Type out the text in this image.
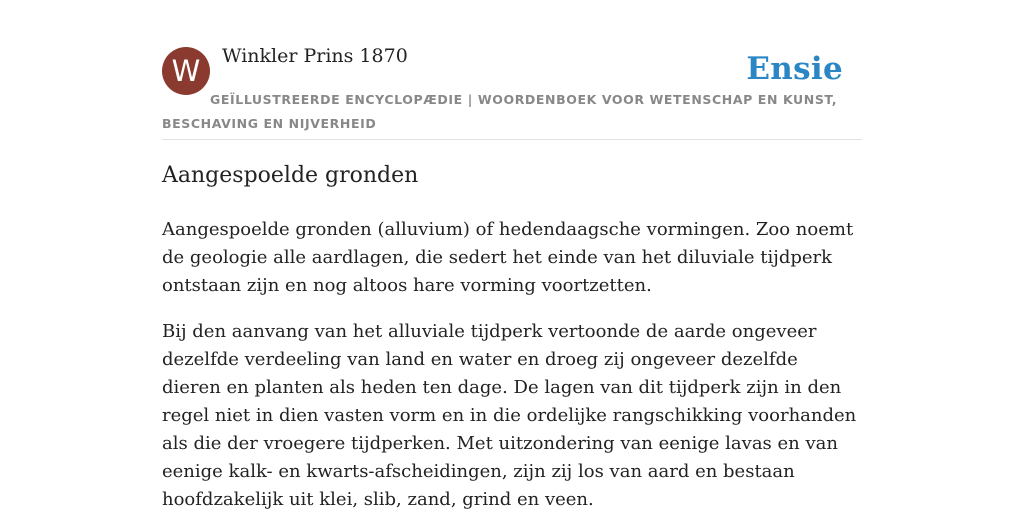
W	Winkler Prins 1870	Ensie
GEÏLLUSTREERDE ENCYCLOPÆDIE | WOORDENBOEK VOOR WETENSCHAP EN KUNST, BESCHAVING EN NIJVERHEID
Aangespoelde gronden

Aangespoelde gronden (alluvium) of hedendaagsche vormingen. Zoo noemt de geologie alle aardlagen, die sedert het einde van het diluviale tijdperk ontstaan zijn en nog altoos hare vorming voortzetten.

Bij den aanvang van het alluviale tijdperk vertoonde de aarde ongeveer dezelfde verdeeling van land en water en droeg zij ongeveer dezelfde dieren en planten als heden ten dage. De lagen van dit tijdperk zijn in den regel niet in dien vasten vorm en in die ordelijke rangschikking voorhanden als die der vroegere tijdperken. Met uitzondering van eenige lavas en van eenige kalk- en kwarts-afscheidingen, zijn zij los van aard en bestaan hoofdzakelijk uit klei, slib, zand, grind en veen.
